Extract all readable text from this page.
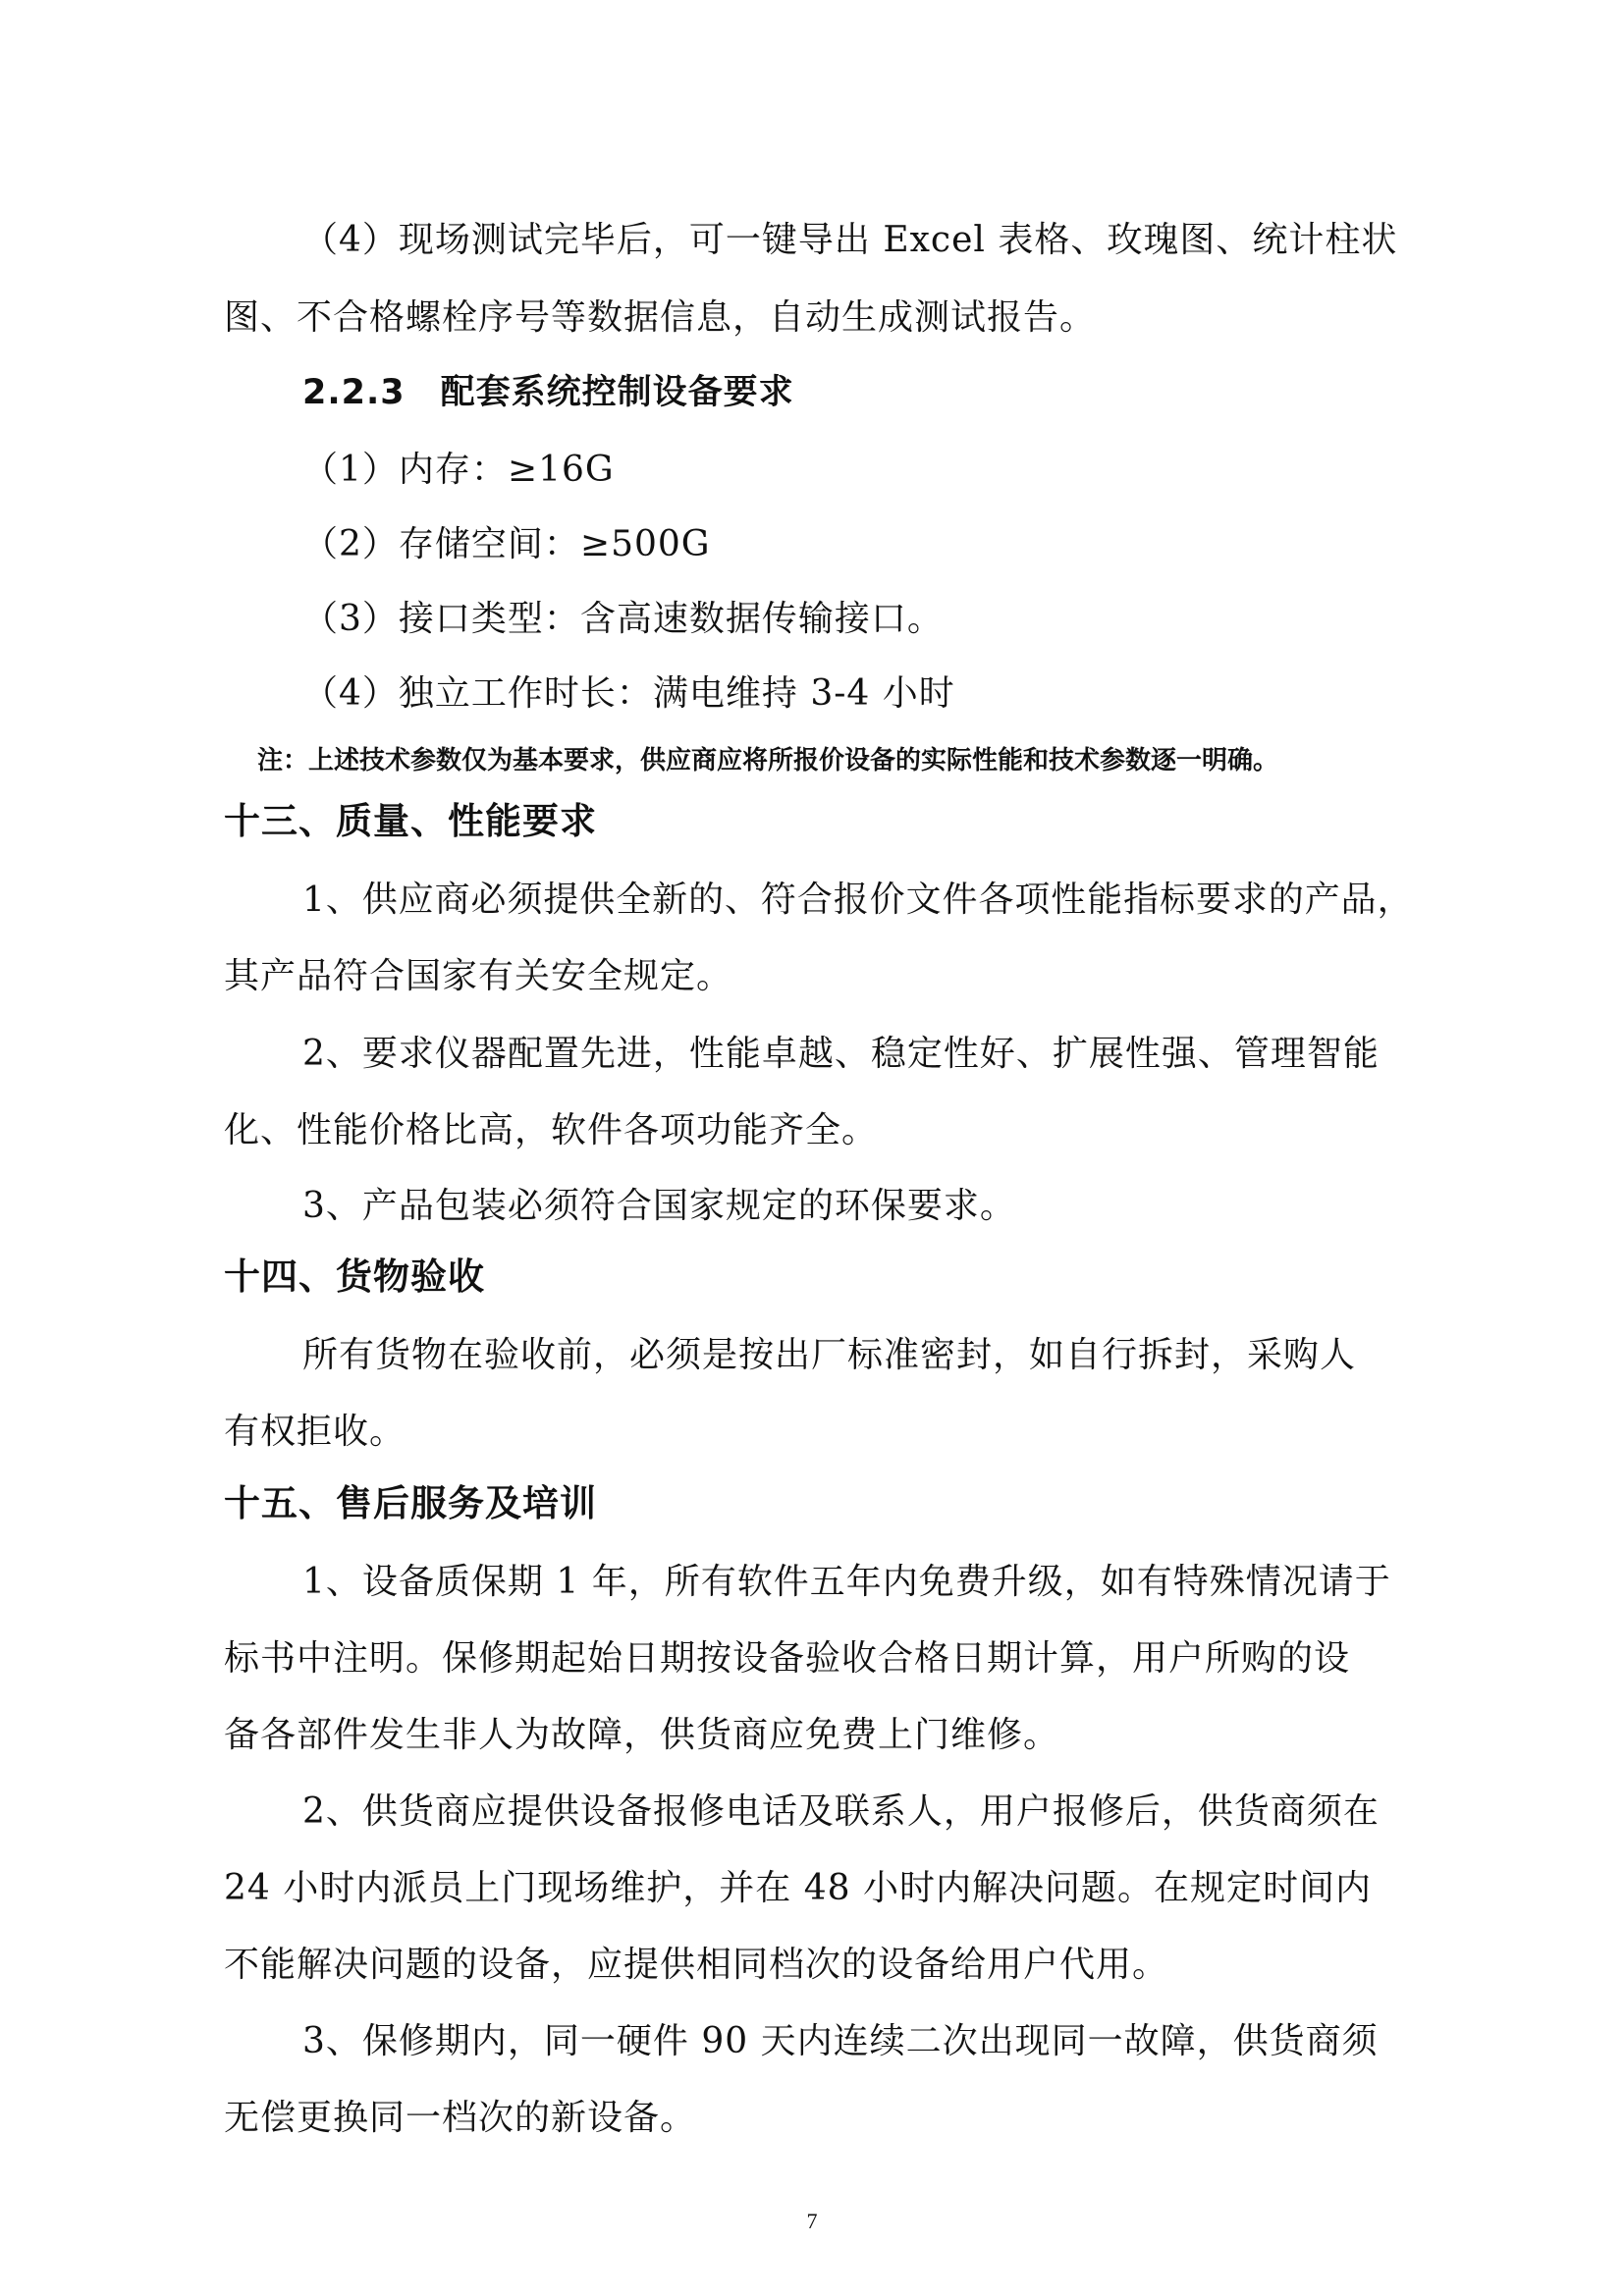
（4）现场测试完毕后，可一键导出 Excel 表格、玫瑰图、统计柱状
图、不合格螺栓序号等数据信息，自动生成测试报告。
2.2.3　配套系统控制设备要求
（1）内存：≥16G
（2）存储空间：≥500G
（3）接口类型：含高速数据传输接口。
（4）独立工作时长：满电维持 3-4 小时
注：上述技术参数仅为基本要求，供应商应将所报价设备的实际性能和技术参数逐一明确。
十三、质量、性能要求
1、供应商必须提供全新的、符合报价文件各项性能指标要求的产品，
其产品符合国家有关安全规定。
2、要求仪器配置先进，性能卓越、稳定性好、扩展性强、管理智能
化、性能价格比高，软件各项功能齐全。
3、产品包装必须符合国家规定的环保要求。
十四、货物验收
所有货物在验收前，必须是按出厂标准密封，如自行拆封，采购人
有权拒收。
十五、售后服务及培训
1、设备质保期 1 年，所有软件五年内免费升级，如有特殊情况请于
标书中注明。保修期起始日期按设备验收合格日期计算，用户所购的设
备各部件发生非人为故障，供货商应免费上门维修。
2、供货商应提供设备报修电话及联系人，用户报修后，供货商须在
24 小时内派员上门现场维护，并在 48 小时内解决问题。在规定时间内
不能解决问题的设备，应提供相同档次的设备给用户代用。
3、保修期内，同一硬件 90 天内连续二次出现同一故障，供货商须
无偿更换同一档次的新设备。
7
